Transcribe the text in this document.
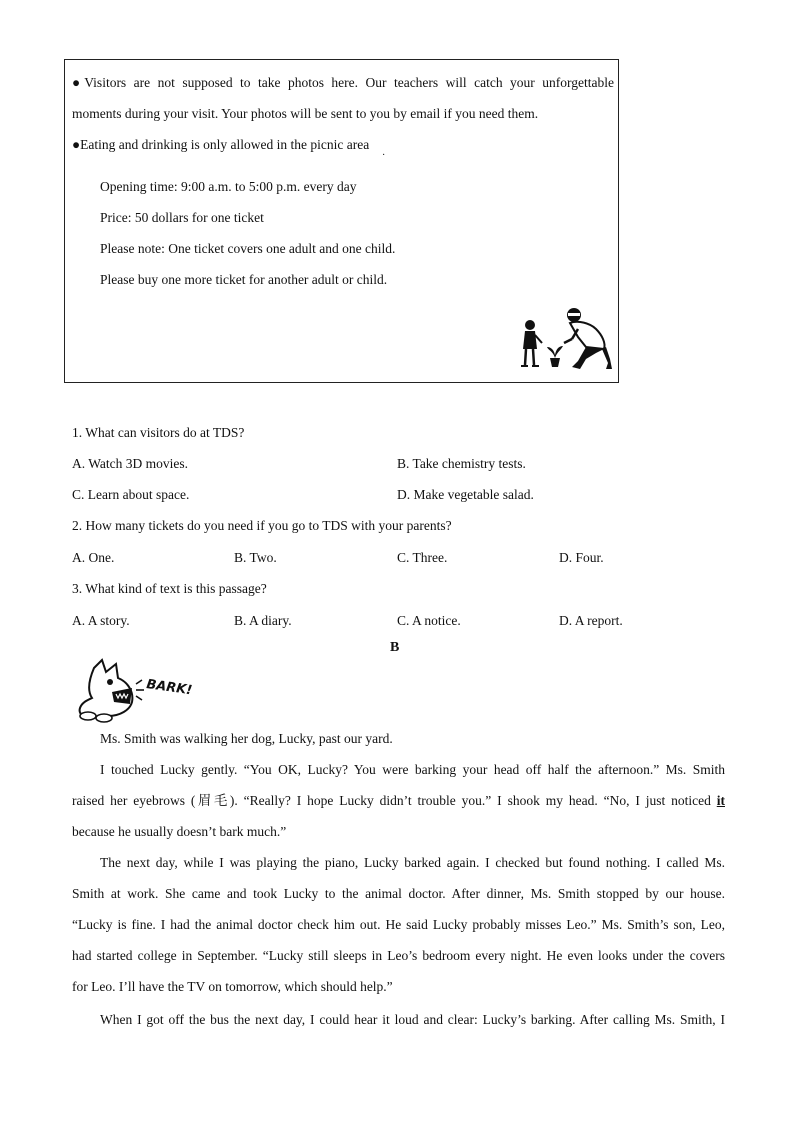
●Visitors are not supposed to take photos here. Our teachers will catch your unforgettable
moments during your visit. Your photos will be sent to you by email if you need them.
●Eating and drinking is only allowed in the picnic area
·
Opening time: 9:00 a.m. to 5:00 p.m. every day
Price: 50 dollars for one ticket
Please note: One ticket covers one adult and one child.
Please buy one more ticket for another adult or child.
1. What can visitors do at TDS?
A. Watch 3D movies.	B. Take chemistry tests.
C. Learn about space.	D. Make vegetable salad.
2. How many tickets do you need if you go to TDS with your parents?
A. One.	B. Two.	C. Three.	D. Four.
3. What kind of text is this passage?
A. A story.	B. A diary.	C. A notice.	D. A report.
B
BARK!
Ms. Smith was walking her dog, Lucky, past our yard.
I touched Lucky gently. “You OK, Lucky? You were barking your head off half the afternoon.” Ms. Smith
raised her eyebrows (眉毛). “Really? I hope Lucky didn’t trouble you.” I shook my head. “No, I just noticed it
because he usually doesn’t bark much.”
The next day, while I was playing the piano, Lucky barked again. I checked but found nothing. I called Ms.
Smith at work. She came and took Lucky to the animal doctor. After dinner, Ms. Smith stopped by our house.
“Lucky is fine. I had the animal doctor check him out. He said Lucky probably misses Leo.” Ms. Smith’s son, Leo,
had started college in September. “Lucky still sleeps in Leo’s bedroom every night. He even looks under the covers
for Leo. I’ll have the TV on tomorrow, which should help.”
When I got off the bus the next day, I could hear it loud and clear: Lucky’s barking. After calling Ms. Smith, I
